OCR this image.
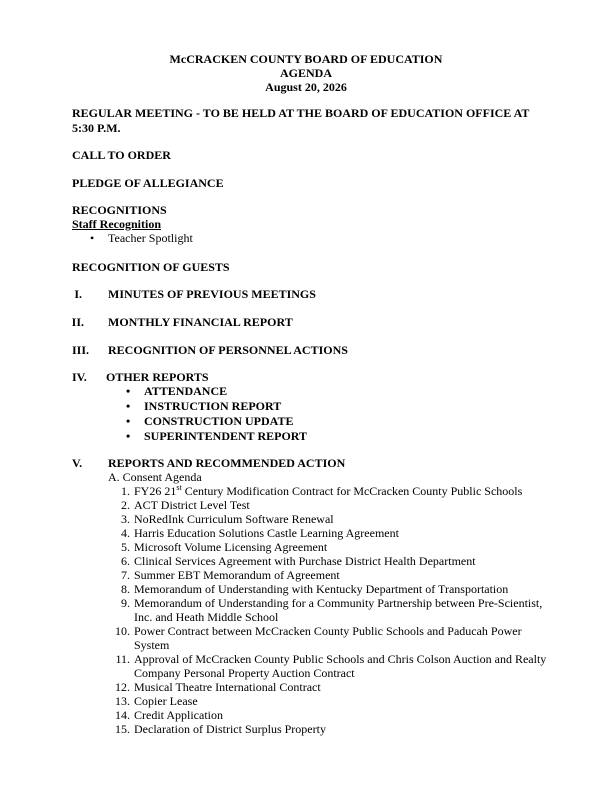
McCRACKEN COUNTY BOARD OF EDUCATION
AGENDA
August 20, 2026
REGULAR MEETING - TO BE HELD AT THE BOARD OF EDUCATION OFFICE AT 5:30 P.M.
CALL TO ORDER
PLEDGE OF ALLEGIANCE
RECOGNITIONS
Staff Recognition
• Teacher Spotlight
RECOGNITION OF GUESTS
I. MINUTES OF PREVIOUS MEETINGS
II. MONTHLY FINANCIAL REPORT
III.	RECOGNITION OF PERSONNEL ACTIONS
IV.	OTHER REPORTS
• ATTENDANCE
• INSTRUCTION REPORT
• CONSTRUCTION UPDATE
• SUPERINTENDENT REPORT
V.	REPORTS AND RECOMMENDED ACTION
A. Consent Agenda
1. FY26 21st Century Modification Contract for McCracken County Public Schools
2. ACT District Level Test
3. NoRedInk Curriculum Software Renewal
4. Harris Education Solutions Castle Learning Agreement
5. Microsoft Volume Licensing Agreement
6. Clinical Services Agreement with Purchase District Health Department
7. Summer EBT Memorandum of Agreement
8. Memorandum of Understanding with Kentucky Department of Transportation
9. Memorandum of Understanding for a Community Partnership between Pre-Scientist, Inc. and Heath Middle School
10. Power Contract between McCracken County Public Schools and Paducah Power System
11. Approval of McCracken County Public Schools and Chris Colson Auction and Realty Company Personal Property Auction Contract
12. Musical Theatre International Contract
13. Copier Lease
14. Credit Application
15. Declaration of District Surplus Property
